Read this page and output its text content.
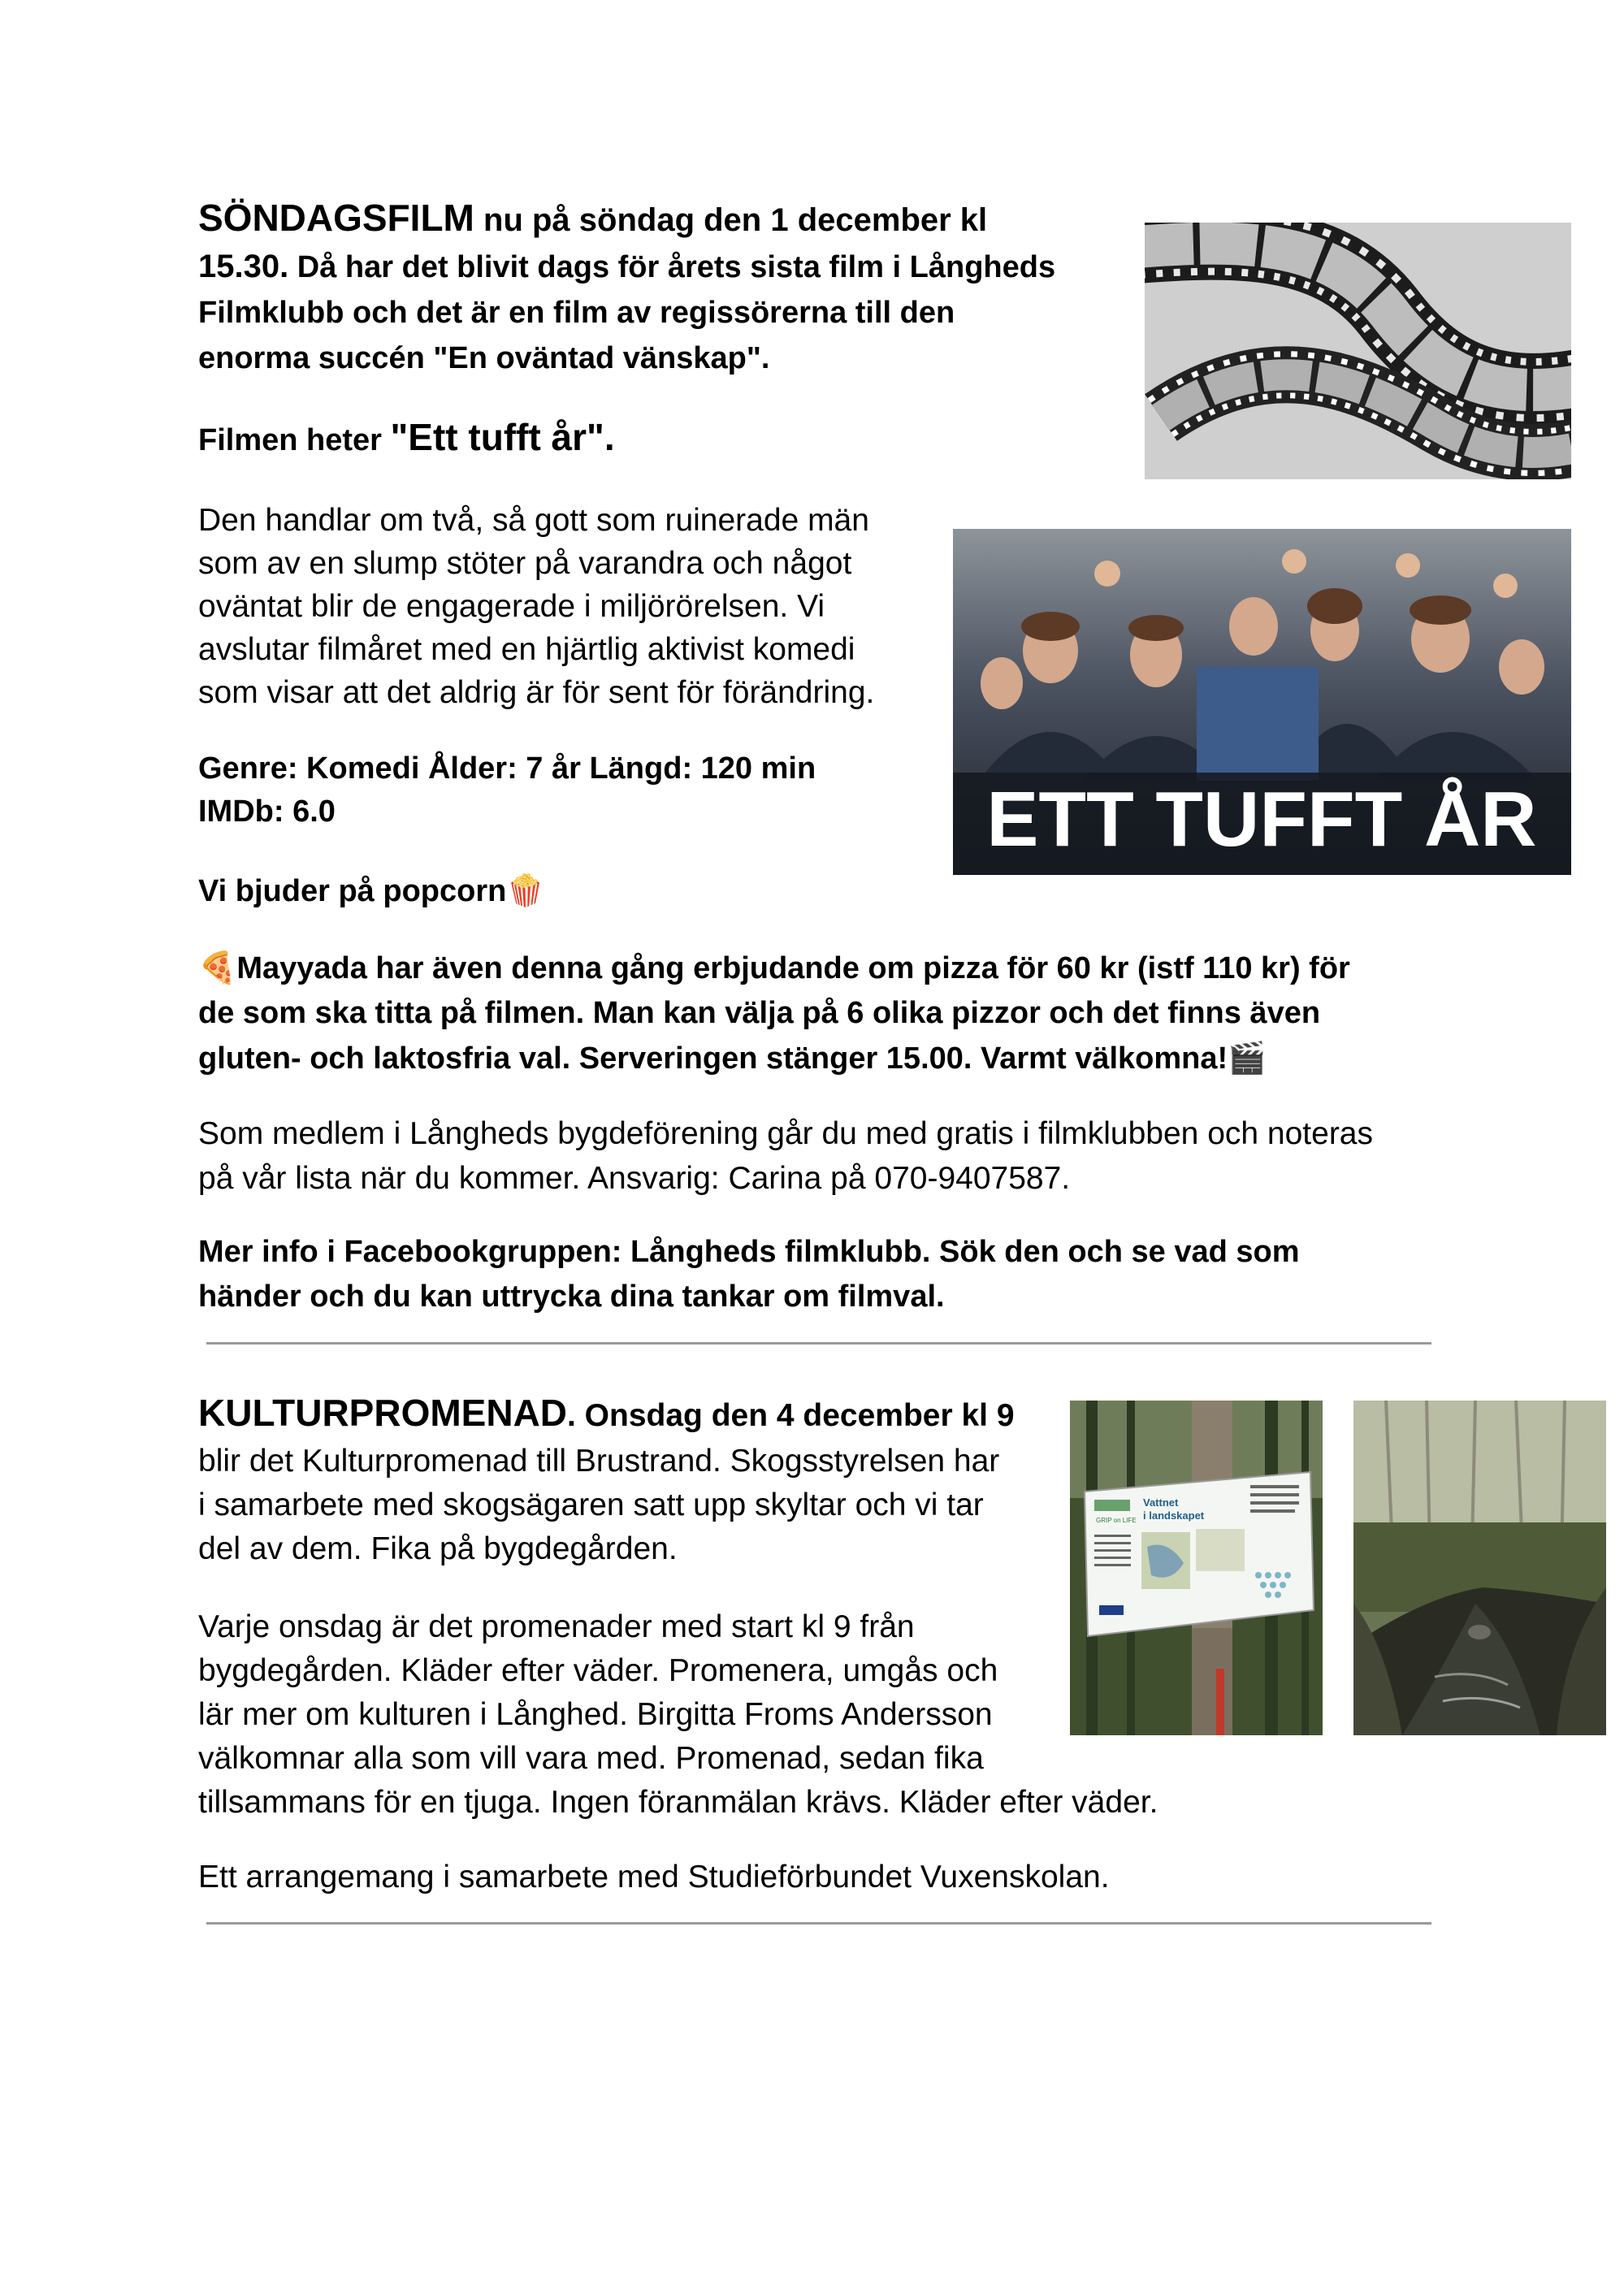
SÖNDAGSFILM nu på söndag den 1 december kl

15.30. Då har det blivit dags för årets sista film i Långheds

Filmklubb och det är en film av regissörerna till den

enorma succén "En oväntad vänskap".

Filmen heter "Ett tufft år".

Den handlar om två, så gott som ruinerade män

som av en slump stöter på varandra och något

oväntat blir de engagerade i miljörörelsen. Vi

avslutar filmåret med en hjärtlig aktivist komedi

som visar att det aldrig är för sent för förändring.

Genre: Komedi Ålder: 7 år Längd: 120 min

IMDb: 6.0

Vi bjuder på popcorn🍿

🍕Mayyada har även denna gång erbjudande om pizza för 60 kr (istf 110 kr) för

de som ska titta på filmen. Man kan välja på 6 olika pizzor och det finns även

gluten- och laktosfria val. Serveringen stänger 15.00. Varmt välkomna!🎬

Som medlem i Långheds bygdeförening går du med gratis i filmklubben och noteras

på vår lista när du kommer. Ansvarig: Carina på 070-9407587.

Mer info i Facebookgruppen: Långheds filmklubb. Sök den och se vad som

händer och du kan uttrycka dina tankar om filmval.

ETT TUFFT ÅR

KULTURPROMENAD. Onsdag den 4 december kl 9

blir det Kulturpromenad till Brustrand. Skogsstyrelsen har

i samarbete med skogsägaren satt upp skyltar och vi tar

del av dem. Fika på bygdegården.

Varje onsdag är det promenader med start kl 9 från

bygdegården. Kläder efter väder. Promenera, umgås och

lär mer om kulturen i Långhed. Birgitta Froms Andersson

välkomnar alla som vill vara med. Promenad, sedan fika

tillsammans för en tjuga. Ingen föranmälan krävs. Kläder efter väder.

Ett arrangemang i samarbete med Studieförbundet Vuxenskolan.

GRIP on LIFE
Vattnet
i landskapet
